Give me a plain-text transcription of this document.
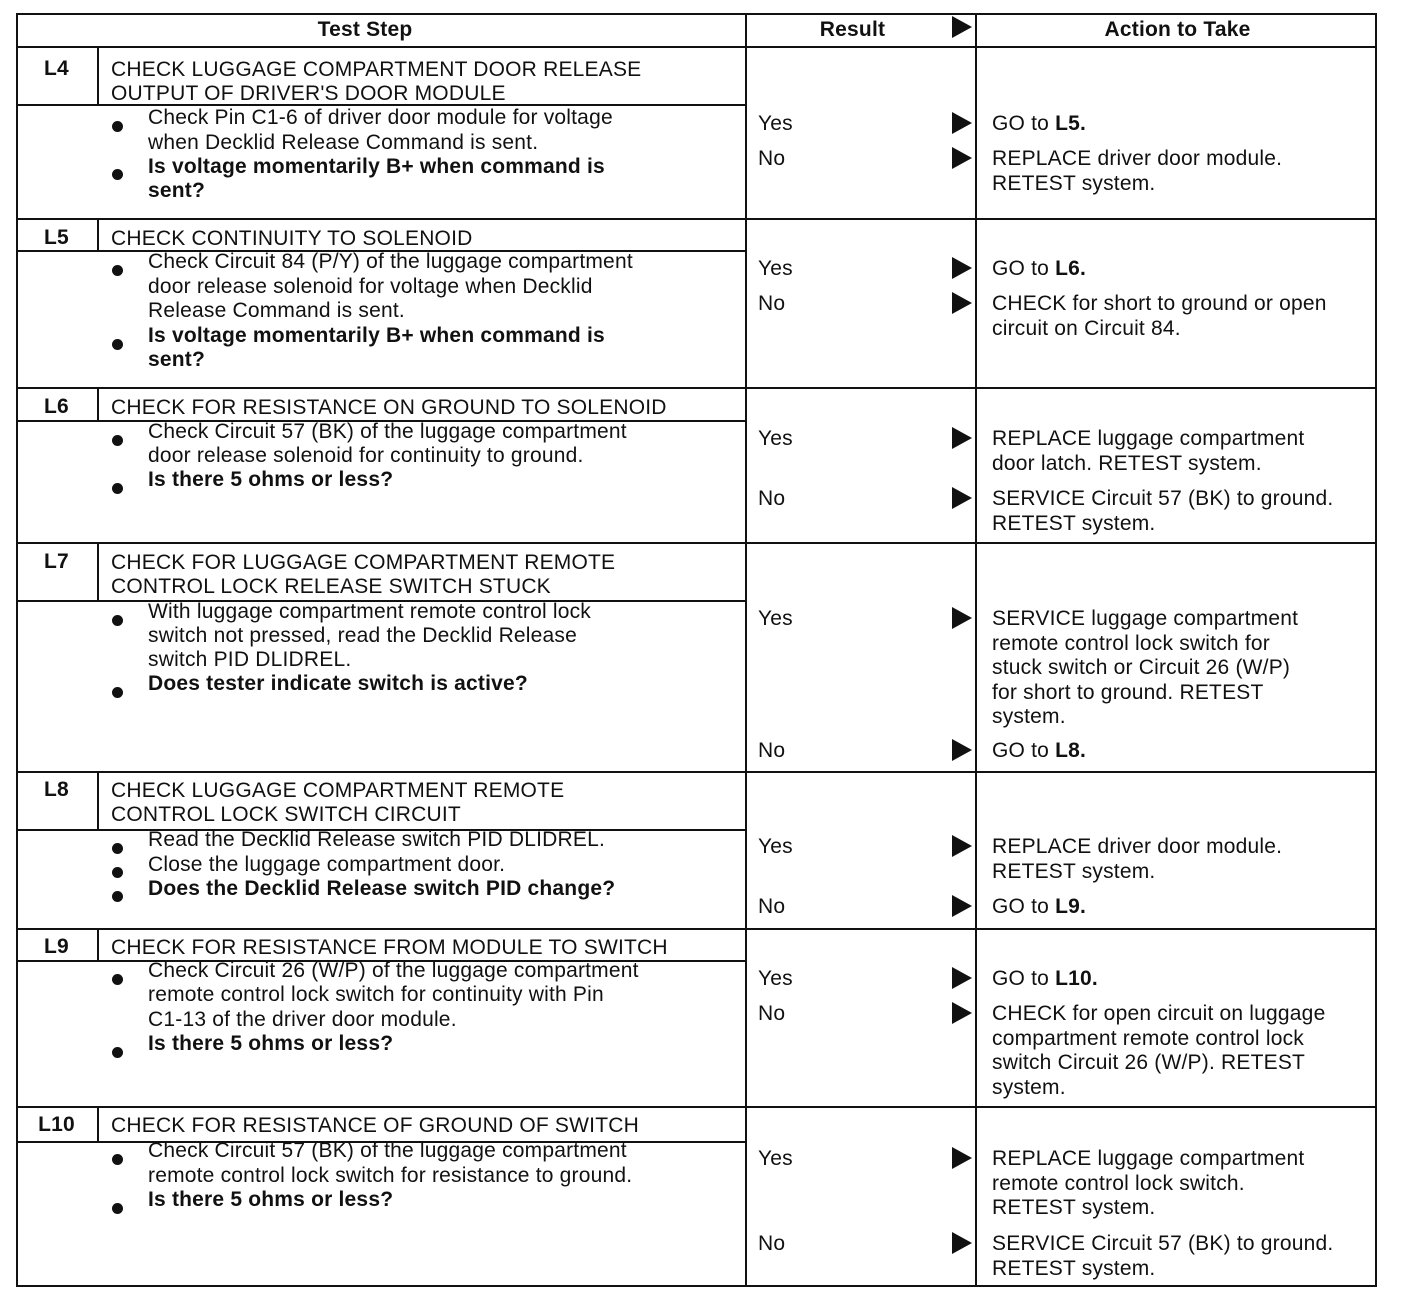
Test Step	Result	Action to Take
L4	CHECK LUGGAGE COMPARTMENT DOOR RELEASE
OUTPUT OF DRIVER'S DOOR MODULE
Check Pin C1-6 of driver door module for voltage
when Decklid Release Command is sent.
Is voltage momentarily B+ when command is
sent?
Yes	GO to L5.
No	REPLACE driver door module.
RETEST system.
L5	CHECK CONTINUITY TO SOLENOID
Check Circuit 84 (P/Y) of the luggage compartment
door release solenoid for voltage when Decklid
Release Command is sent.
Is voltage momentarily B+ when command is
sent?
Yes	GO to L6.
No	CHECK for short to ground or open
circuit on Circuit 84.
L6	CHECK FOR RESISTANCE ON GROUND TO SOLENOID
Check Circuit 57 (BK) of the luggage compartment
door release solenoid for continuity to ground.
Is there 5 ohms or less?
Yes	REPLACE luggage compartment
door latch. RETEST system.
No	SERVICE Circuit 57 (BK) to ground.
RETEST system.
L7	CHECK FOR LUGGAGE COMPARTMENT REMOTE
CONTROL LOCK RELEASE SWITCH STUCK
With luggage compartment remote control lock
switch not pressed, read the Decklid Release
switch PID DLIDREL.
Does tester indicate switch is active?
Yes	SERVICE luggage compartment
remote control lock switch for
stuck switch or Circuit 26 (W/P)
for short to ground. RETEST
system.
No	GO to L8.
L8	CHECK LUGGAGE COMPARTMENT REMOTE
CONTROL LOCK SWITCH CIRCUIT
Read the Decklid Release switch PID DLIDREL.
Close the luggage compartment door.
Does the Decklid Release switch PID change?
Yes	REPLACE driver door module.
RETEST system.
No	GO to L9.
L9	CHECK FOR RESISTANCE FROM MODULE TO SWITCH
Check Circuit 26 (W/P) of the luggage compartment
remote control lock switch for continuity with Pin
C1-13 of the driver door module.
Is there 5 ohms or less?
Yes	GO to L10.
No	CHECK for open circuit on luggage
compartment remote control lock
switch Circuit 26 (W/P). RETEST
system.
L10	CHECK FOR RESISTANCE OF GROUND OF SWITCH
Check Circuit 57 (BK) of the luggage compartment
remote control lock switch for resistance to ground.
Is there 5 ohms or less?
Yes	REPLACE luggage compartment
remote control lock switch.
RETEST system.
No	SERVICE Circuit 57 (BK) to ground.
RETEST system.
